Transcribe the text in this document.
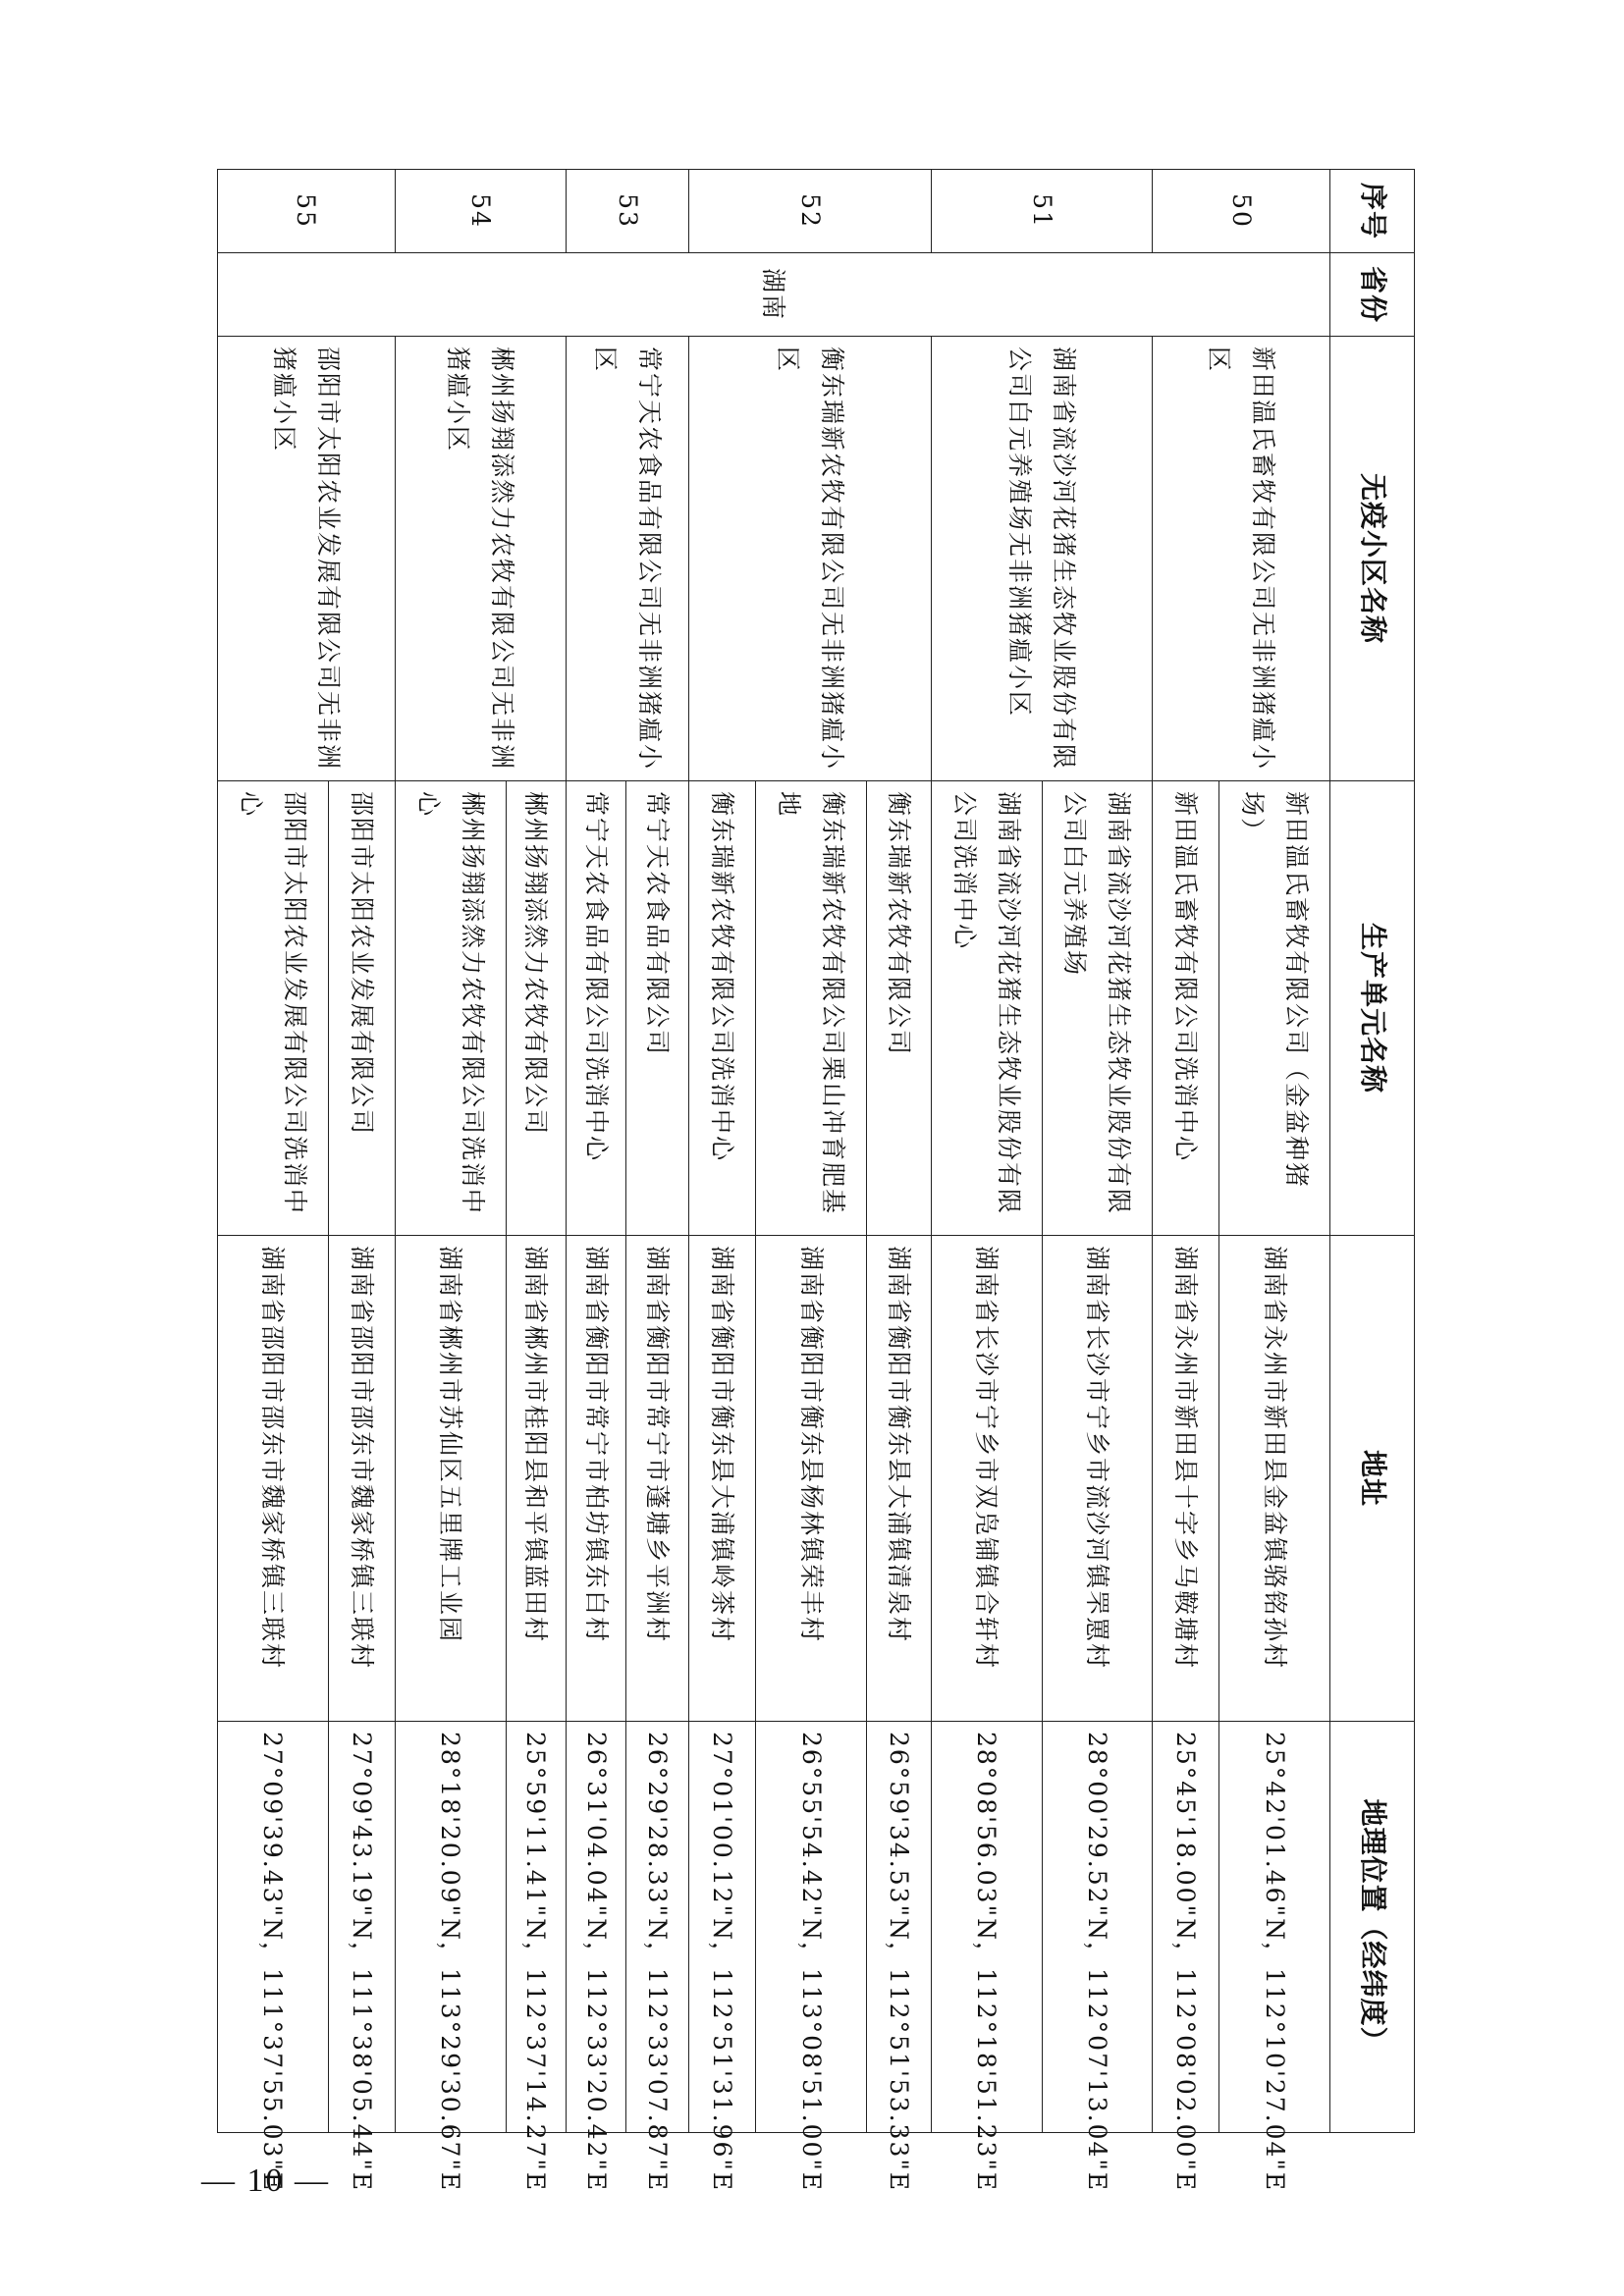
序号	省份	无疫小区名称	生产单元名称	地址	地理位置（经纬度）
50	湖南	新田温氏畜牧有限公司无非洲猪瘟小区	新田温氏畜牧有限公司（金盆种猪场）	湖南省永州市新田县金盆镇骆铭孙村	25°42'01.46"N，112°10'27.04"E
			新田温氏畜牧有限公司洗消中心	湖南省永州市新田县十字乡马鞍塘村	25°45'18.00"N，112°08'02.00"E
51		湖南省流沙河花猪生态牧业股份有限公司白元养殖场无非洲猪瘟小区	湖南省流沙河花猪生态牧业股份有限公司白元养殖场	湖南省长沙市宁乡市流沙河镇罘罳村	28°00'29.52"N，112°07'13.04"E
			湖南省流沙河花猪生态牧业股份有限公司洗消中心	湖南省长沙市宁乡市双凫铺镇合轩村	28°08'56.03"N，112°18'51.23"E
52		衡东瑞新农牧有限公司无非洲猪瘟小区	衡东瑞新农牧有限公司	湖南省衡阳市衡东县大浦镇清泉村	26°59'34.53"N，112°51'53.33"E
			衡东瑞新农牧有限公司栗山冲育肥基地	湖南省衡阳市衡东县杨林镇荣丰村	26°55'54.42"N，113°08'51.00"E
			衡东瑞新农牧有限公司洗消中心	湖南省衡阳市衡东县大浦镇岭茶村	27°01'00.12"N，112°51'31.96"E
53		常宁天农食品有限公司无非洲猪瘟小区	常宁天农食品有限公司	湖南省衡阳市常宁市蓬塘乡平洲村	26°29'28.33"N，112°33'07.87"E
			常宁天农食品有限公司洗消中心	湖南省衡阳市常宁市柏坊镇东白村	26°31'04.04"N，112°33'20.42"E
54		郴州扬翔添然力农牧有限公司无非洲猪瘟小区	郴州扬翔添然力农牧有限公司	湖南省郴州市桂阳县和平镇蓝田村	25°59'11.41"N，112°37'14.27"E
			郴州扬翔添然力农牧有限公司洗消中心	湖南省郴州市苏仙区五里牌工业园	28°18'20.09"N，113°29'30.67"E
55		邵阳市太阳农业发展有限公司无非洲猪瘟小区	邵阳市太阳农业发展有限公司	湖南省邵阳市邵东市魏家桥镇三联村	27°09'43.19"N，111°38'05.44"E
			邵阳市太阳农业发展有限公司洗消中心	湖南省邵阳市邵东市魏家桥镇三联村	27°09'39.43"N，111°37'55.03"E
— 10 —
